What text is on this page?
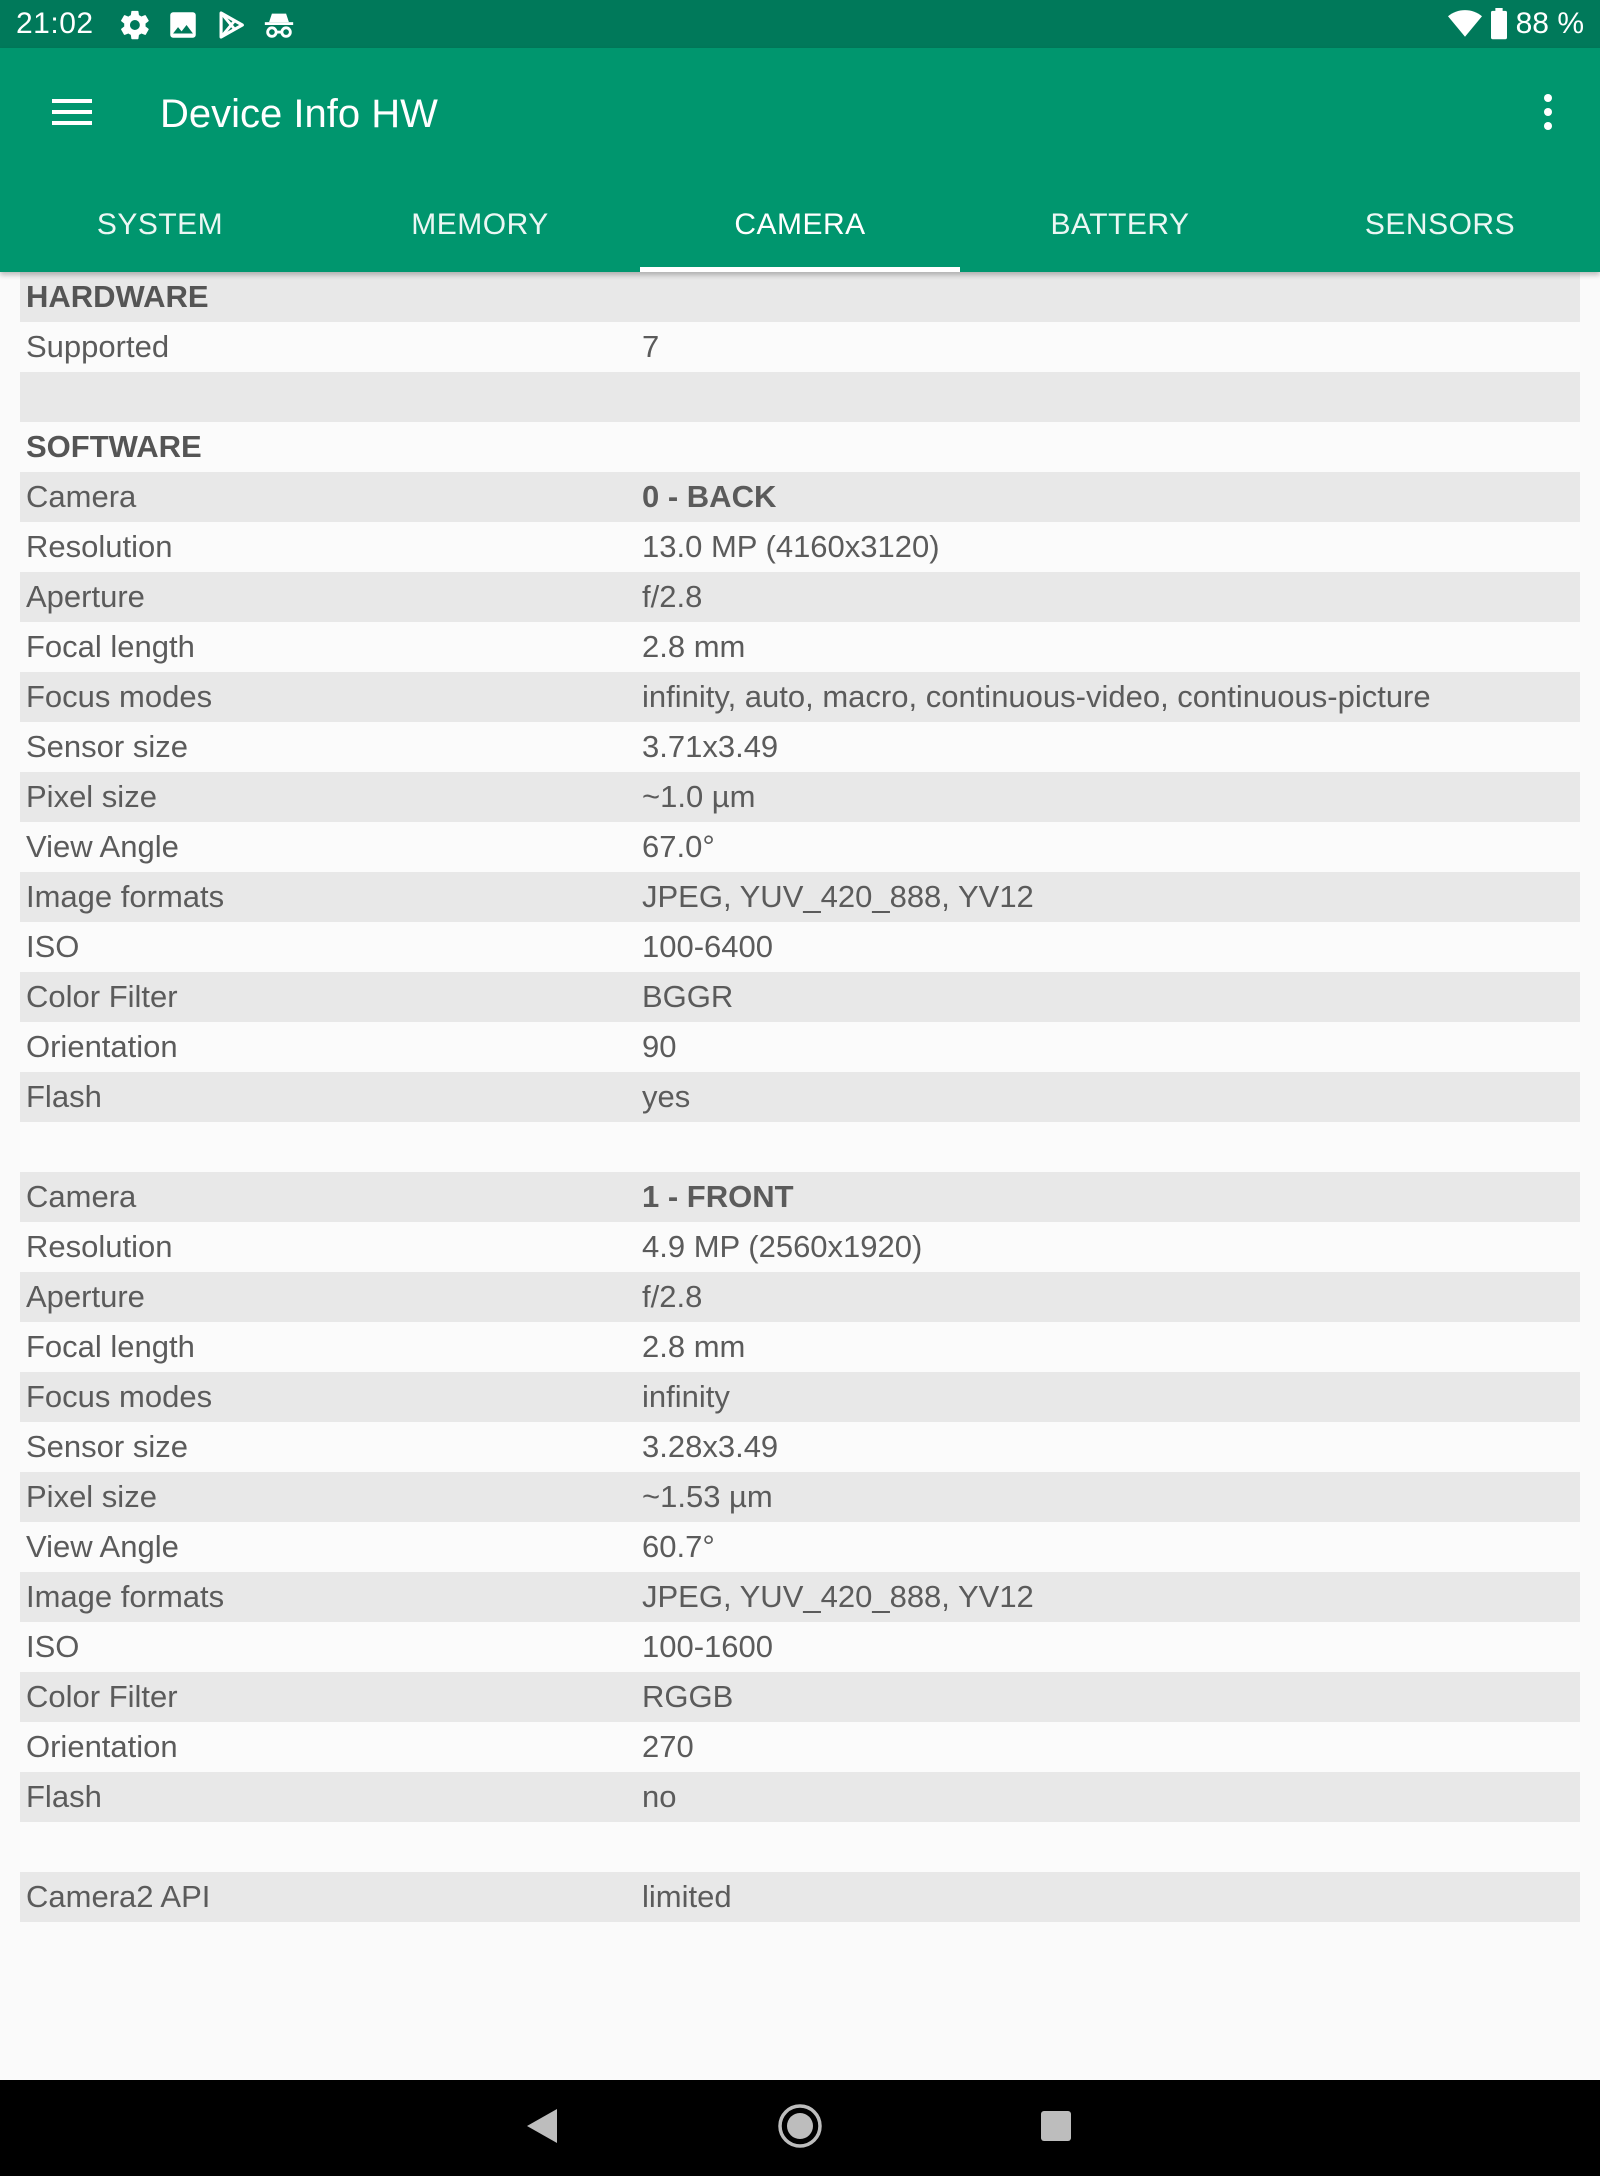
21:02	88 %
Device Info HW
SYSTEM	MEMORY	CAMERA	BATTERY	SENSORS
HARDWARE
Supported	7
SOFTWARE
Camera	0 - BACK
Resolution	13.0 MP (4160x3120)
Aperture	f/2.8
Focal length	2.8 mm
Focus modes	infinity, auto, macro, continuous-video, continuous-picture
Sensor size	3.71x3.49
Pixel size	~1.0 µm
View Angle	67.0°
Image formats	JPEG, YUV_420_888, YV12
ISO	100-6400
Color Filter	BGGR
Orientation	90
Flash	yes
Camera	1 - FRONT
Resolution	4.9 MP (2560x1920)
Aperture	f/2.8
Focal length	2.8 mm
Focus modes	infinity
Sensor size	3.28x3.49
Pixel size	~1.53 µm
View Angle	60.7°
Image formats	JPEG, YUV_420_888, YV12
ISO	100-1600
Color Filter	RGGB
Orientation	270
Flash	no
Camera2 API	limited
